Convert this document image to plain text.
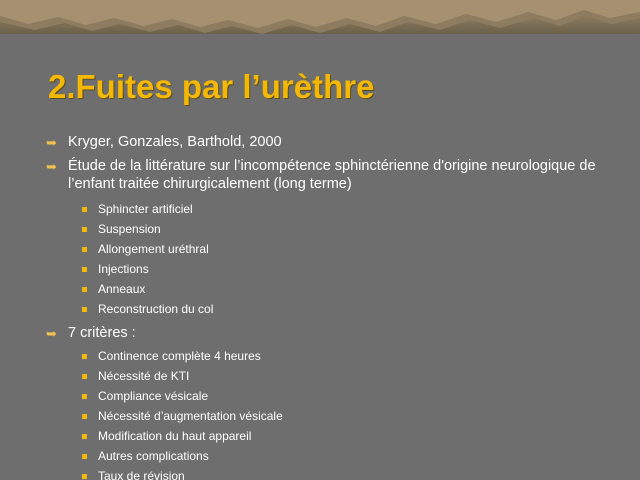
2.Fuites par l’urèthre
➥ Kryger, Gonzales, Barthold, 2000
➥ Étude de la littérature sur l’incompétence sphinctérienne d'origine neurologique de l’enfant traitée chirurgicalement (long terme)
Sphincter artificiel
Suspension
Allongement uréthral
Injections
Anneaux
Reconstruction du col
➥ 7 critères :
Continence complète 4 heures
Nécessité de KTI
Compliance vésicale
Nécessité d’augmentation vésicale
Modification du haut appareil
Autres complications
Taux de révision
